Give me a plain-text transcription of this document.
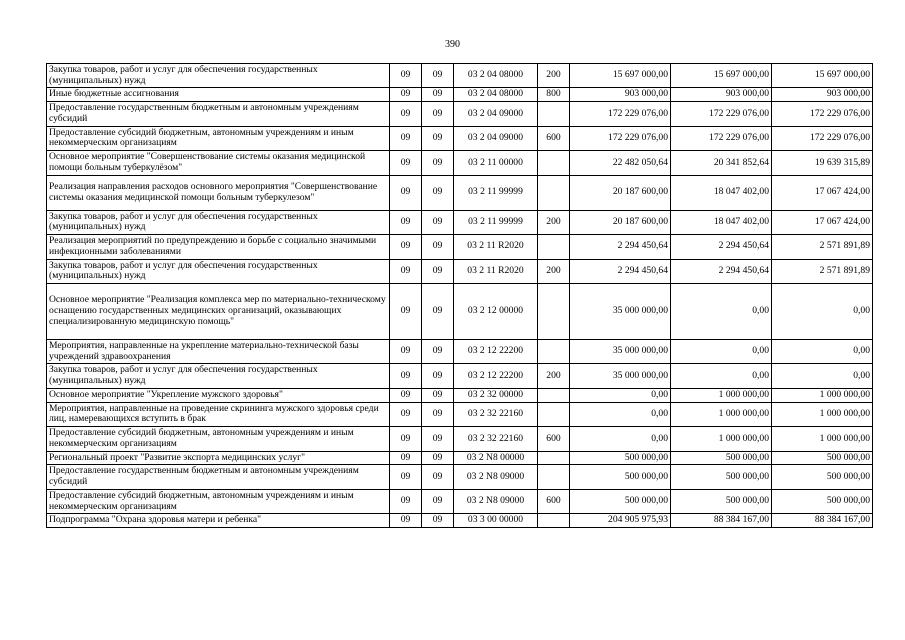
390
Закупка товаров, работ и услуг для обеспечения государственных (муниципальных) нужд	09	09	03 2 04 08000	200	15 697 000,00	15 697 000,00	15 697 000,00
Иные бюджетные ассигнования	09	09	03 2 04 08000	800	903 000,00	903 000,00	903 000,00
Предоставление государственным бюджетным и автономным учреждениям субсидий	09	09	03 2 04 09000		172 229 076,00	172 229 076,00	172 229 076,00
Предоставление субсидий бюджетным, автономным учреждениям и иным некоммерческим организациям	09	09	03 2 04 09000	600	172 229 076,00	172 229 076,00	172 229 076,00
Основное мероприятие "Совершенствование системы оказания медицинской помощи больным туберкулёзом"	09	09	03 2 11 00000		22 482 050,64	20 341 852,64	19 639 315,89
Реализация направления расходов основного мероприятия "Совершенствование системы оказания медицинской помощи больным туберкулезом"	09	09	03 2 11 99999		20 187 600,00	18 047 402,00	17 067 424,00
Закупка товаров, работ и услуг для обеспечения государственных (муниципальных) нужд	09	09	03 2 11 99999	200	20 187 600,00	18 047 402,00	17 067 424,00
Реализация мероприятий по предупреждению и борьбе с социально значимыми инфекционными заболеваниями	09	09	03 2 11 R2020		2 294 450,64	2 294 450,64	2 571 891,89
Закупка товаров, работ и услуг для обеспечения государственных (муниципальных) нужд	09	09	03 2 11 R2020	200	2 294 450,64	2 294 450,64	2 571 891,89
Основное мероприятие "Реализация комплекса мер по материально-техническому оснащению государственных медицинских организаций, оказывающих специализированную медицинскую помощь"	09	09	03 2 12 00000		35 000 000,00	0,00	0,00
Мероприятия, направленные на укрепление материально-технической базы учреждений здравоохранения	09	09	03 2 12 22200		35 000 000,00	0,00	0,00
Закупка товаров, работ и услуг для обеспечения государственных (муниципальных) нужд	09	09	03 2 12 22200	200	35 000 000,00	0,00	0,00
Основное мероприятие "Укрепление мужского здоровья"	09	09	03 2 32 00000		0,00	1 000 000,00	1 000 000,00
Мероприятия, направленные на проведение скрининга мужского здоровья среди лиц, намеревающихся вступить в брак	09	09	03 2 32 22160		0,00	1 000 000,00	1 000 000,00
Предоставление субсидий бюджетным, автономным учреждениям и иным некоммерческим организациям	09	09	03 2 32 22160	600	0,00	1 000 000,00	1 000 000,00
Региональный проект "Развитие экспорта медицинских услуг"	09	09	03 2 N8 00000		500 000,00	500 000,00	500 000,00
Предоставление государственным бюджетным и автономным учреждениям субсидий	09	09	03 2 N8 09000		500 000,00	500 000,00	500 000,00
Предоставление субсидий бюджетным, автономным учреждениям и иным некоммерческим организациям	09	09	03 2 N8 09000	600	500 000,00	500 000,00	500 000,00
Подпрограмма "Охрана здоровья матери и ребенка"	09	09	03 3 00 00000		204 905 975,93	88 384 167,00	88 384 167,00
